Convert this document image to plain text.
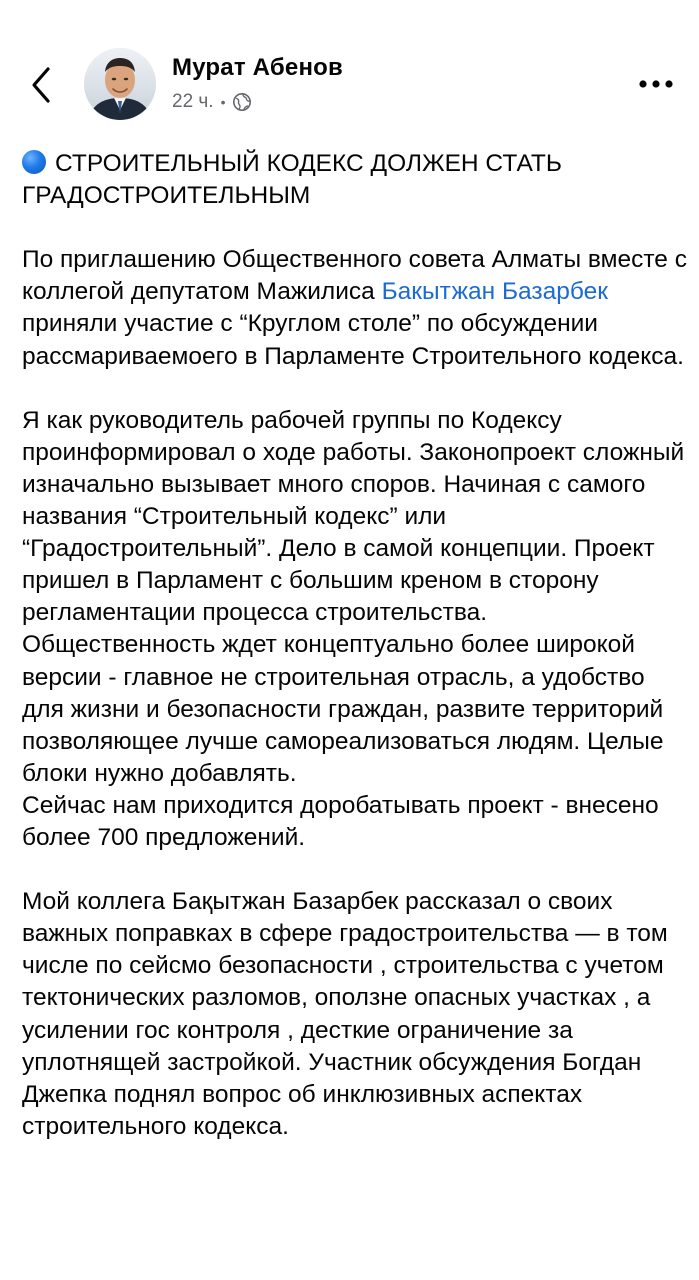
Мурат Абенов
22 ч. •

СТРОИТЕЛЬНЫЙ КОДЕКС ДОЛЖЕН СТАТЬ ГРАДОСТРОИТЕЛЬНЫМ

По приглашению Общественного совета Алматы вместе с коллегой депутатом Мажилиса Бакытжан Базарбек приняли участие с “Круглом столе” по обсуждении рассмариваемоего в Парламенте Строительного кодекса.

Я как руководитель рабочей группы по Кодексу проинформировал о ходе работы. Законопроект сложный изначально вызывает много споров. Начиная с самого названия “Строительный кодекс” или “Градостроительный”. Дело в самой концепции. Проект пришел в Парламент с большим креном в сторону регламентации процесса строительства. Общественность ждет концептуально более широкой версии - главное не строительная отрасль, а удобство для жизни и безопасности граждан, развите территорий позволяющее лучше самореализоваться людям. Целые блоки нужно добавлять.

Сейчас нам приходится доробатывать проект - внесено более 700 предложений.

Мой коллега Бақытжан Базарбек рассказал о своих важных поправках в сфере градостроительства — в том числе по сейсмо безопасности , строительства с учетом тектонических разломов, оползне опасных участках , а усилении гос контроля , десткие ограничение за уплотнящей застройкой. Участник обсуждения Богдан Джепка поднял вопрос об инклюзивных аспектах строительного кодекса.
